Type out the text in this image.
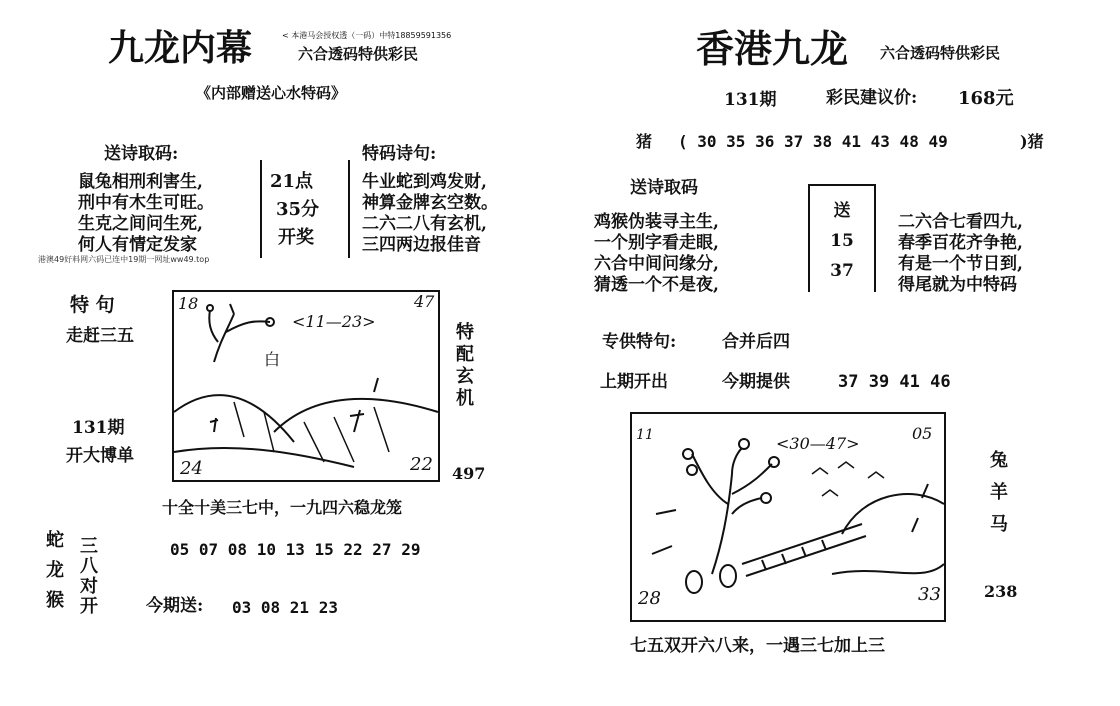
九龙内幕	< 本港马会授权透（一码）中特18859591356
六合透码特供彩民
《内部赠送心水特码》
送诗取码:
鼠兔相刑利害生,
刑中有木生可旺。
生克之间问生死,
何人有情定发家
21点
35分
开奖
特码诗句:
牛业蛇到鸡发财,
神算金牌玄空数。
二六二八有玄机,
三四两边报佳音
港澳49好料网六码已连中19期一网址ww49.top
特 句
走赶三五
131期
开大博单
18	47
<11—23>
白
24	22
特配玄机
497
十全十美三七中，一九四六稳龙笼
蛇龙猴 三八对开	05 07 08 10 13 15 22 27 29
今期送: 03 08 21 23
香港九龙 六合透码特供彩民
131期	彩民建议价: 168元
猪 ( 30 35 36 37 38 41 43 48 49	)猪
送诗取码
鸡猴伪装寻主生,
一个别字看走眼,
六合中间问缘分,
猜透一个不是夜,
送
15
37
二六合七看四九,
春季百花齐争艳,
有是一个节日到,
得尾就为中特码
专供特句:	合并后四
上期开出	今期提供	37 39 41 46
11	<30—47>
05
28	33
兔羊马
238
七五双开六八来，一遇三七加上三
